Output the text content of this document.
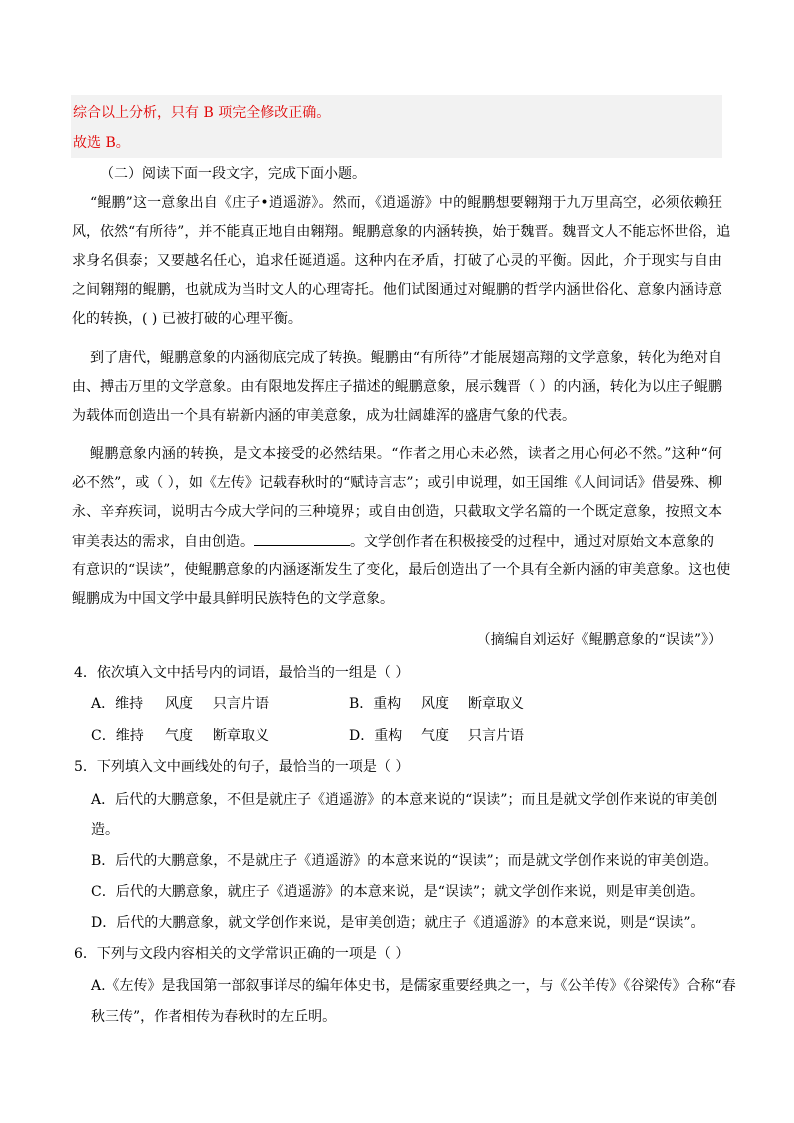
综合以上分析，只有 B 项完全修改正确。
故选 B。
（二）阅读下面一段文字，完成下面小题。
“鲲鹏”这一意象出自《庄子•逍遥游》。然而，《逍遥游》中的鲲鹏想要翱翔于九万里高空，必须依赖狂
风，依然“有所待”，并不能真正地自由翱翔。鲲鹏意象的内涵转换，始于魏晋。魏晋文人不能忘怀世俗，追
求身名俱泰；又要越名任心，追求任诞逍遥。这种内在矛盾，打破了心灵的平衡。因此，介于现实与自由
之间翱翔的鲲鹏，也就成为当时文人的心理寄托。他们试图通过对鲲鹏的哲学内涵世俗化、意象内涵诗意
化的转换，( ) 已被打破的心理平衡。
到了唐代，鲲鹏意象的内涵彻底完成了转换。鲲鹏由“有所待”才能展翅高翔的文学意象，转化为绝对自
由、搏击万里的文学意象。由有限地发挥庄子描述的鲲鹏意象，展示魏晋（ ）的内涵，转化为以庄子鲲鹏
为载体而创造出一个具有崭新内涵的审美意象，成为壮阔雄浑的盛唐气象的代表。
鲲鹏意象内涵的转换，是文本接受的必然结果。“作者之用心未必然，读者之用心何必不然。”这种“何
必不然”，或（ ），如《左传》记载春秋时的“赋诗言志”；或引申说理，如王国维《人间词话》借晏殊、柳
永、辛弃疾词，说明古今成大学问的三种境界；或自由创造，只截取文学名篇的一个既定意象，按照文本
审美表达的需求，自由创造。	。文学创作者在积极接受的过程中，通过对原始文本意象的
有意识的“误读”，使鲲鹏意象的内涵逐渐发生了变化，最后创造出了一个具有全新内涵的审美意象。这也使
鲲鹏成为中国文学中最具鲜明民族特色的文学意象。
（摘编自刘运好《鲲鹏意象的“误读”》）
4．依次填入文中括号内的词语，最恰当的一组是（ ）
A．维持 风度 只言片语	B．重构 风度 断章取义
C．维持 气度 断章取义	D．重构 气度 只言片语
5．下列填入文中画线处的句子，最恰当的一项是（ ）
A．后代的大鹏意象，不但是就庄子《逍遥游》的本意来说的“误读”；而且是就文学创作来说的审美创
造。
B．后代的大鹏意象，不是就庄子《逍遥游》的本意来说的“误读”；而是就文学创作来说的审美创造。
C．后代的大鹏意象，就庄子《逍遥游》的本意来说，是“误读”；就文学创作来说，则是审美创造。
D．后代的大鹏意象，就文学创作来说，是审美创造；就庄子《逍遥游》的本意来说，则是“误读”。
6．下列与文段内容相关的文学常识正确的一项是（ ）
A.《左传》是我国第一部叙事详尽的编年体史书，是儒家重要经典之一，与《公羊传》《谷梁传》合称“春
秋三传”，作者相传为春秋时的左丘明。
